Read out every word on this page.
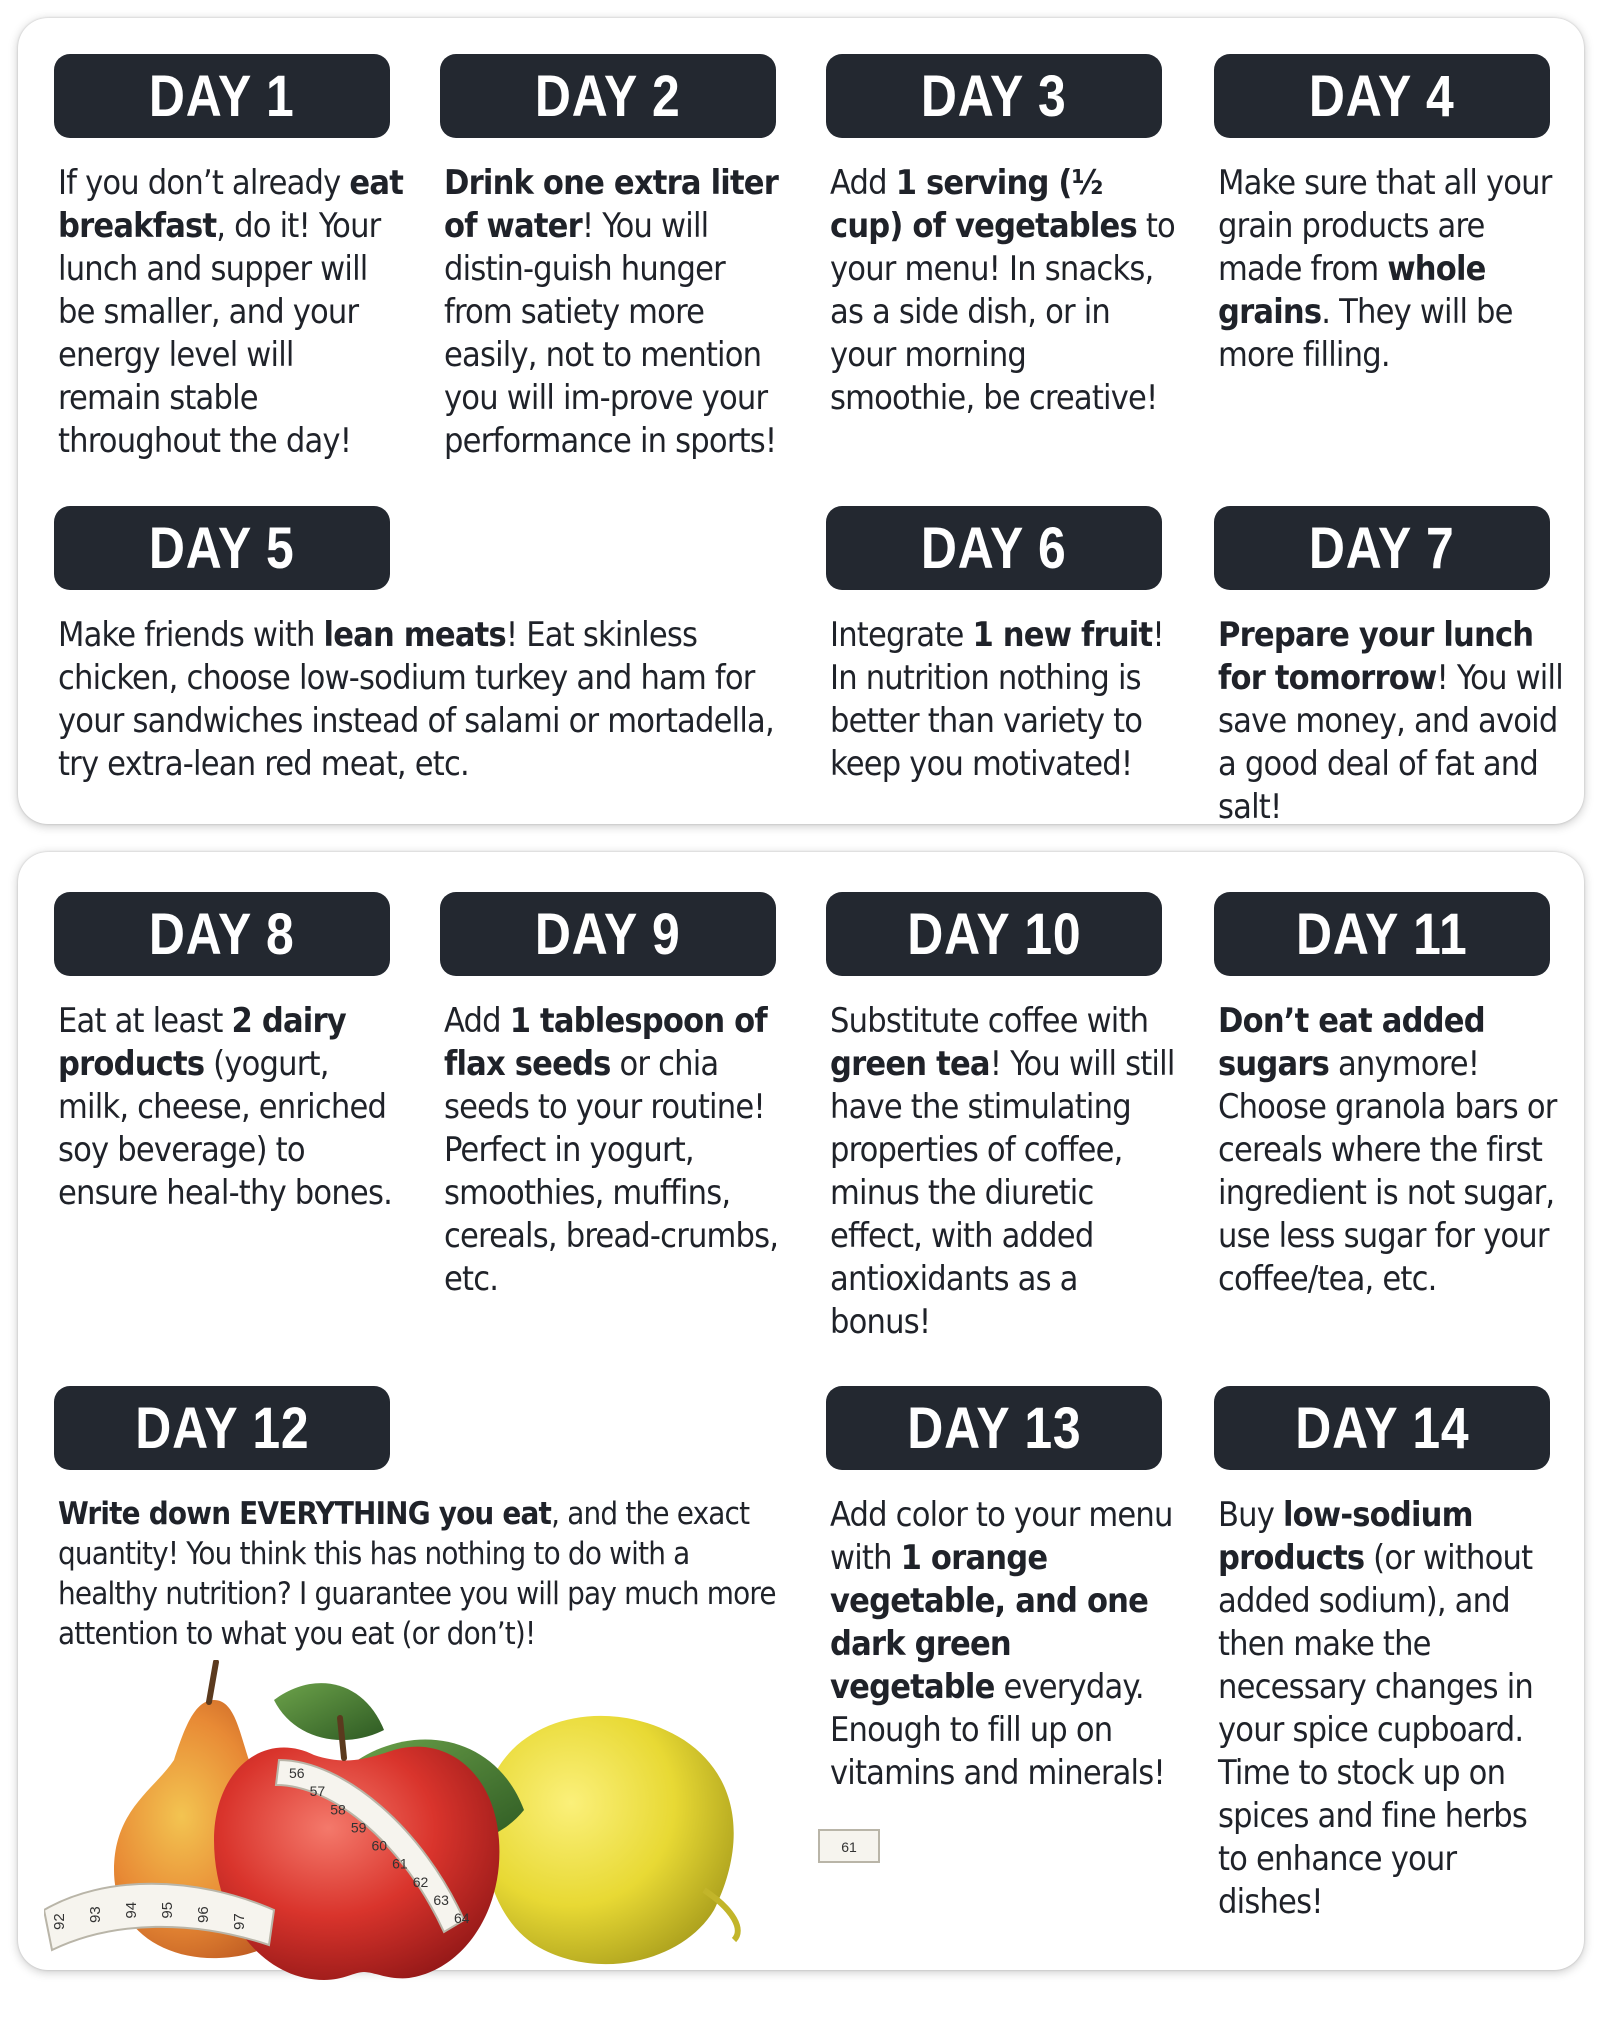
DAY 1
If you don’t already eat breakfast, do it! Your lunch and supper will be smaller, and your energy level will remain stable throughout the day!
DAY 2
Drink one extra liter of water! You will distin-guish hunger from satiety more easily, not to mention you will im-prove your performance in sports!
DAY 3
Add 1 serving (½ cup) of vegetables to your menu! In snacks, as a side dish, or in your morning smoothie, be creative!
DAY 4
Make sure that all your grain products are made from whole grains. They will be more filling.
DAY 5
Make friends with lean meats! Eat skinless chicken, choose low-sodium turkey and ham for your sandwiches instead of salami or mortadella, try extra-lean red meat, etc.
DAY 6
Integrate 1 new fruit! In nutrition nothing is better than variety to keep you motivated!
DAY 7
Prepare your lunch for tomorrow! You will save money, and avoid a good deal of fat and salt!
DAY 8
Eat at least 2 dairy products (yogurt, milk, cheese, enriched soy beverage) to ensure heal-thy bones.
DAY 9
Add 1 tablespoon of flax seeds or chia seeds to your routine! Perfect in yogurt, smoothies, muffins, cereals, bread-crumbs, etc.
DAY 10
Substitute coffee with green tea! You will still have the stimulating properties of coffee, minus the diuretic effect, with added antioxidants as a bonus!
DAY 11
Don’t eat added sugars anymore! Choose granola bars or cereals where the first ingredient is not sugar, use less sugar for your coffee/tea, etc.
DAY 12
Write down EVERYTHING you eat, and the exact quantity! You think this has nothing to do with a healthy nutrition? I guarantee you will pay much more attention to what you eat (or don’t)!
DAY 13
Add color to your menu with 1 orange vegetable, and one dark green vegetable everyday. Enough to fill up on vitamins and minerals!
DAY 14
Buy low-sodium products (or without added sodium), and then make the necessary changes in your spice cupboard. Time to stock up on spices and fine herbs to enhance your dishes!
565758596061626364
92 93 94 95 96 97
61
